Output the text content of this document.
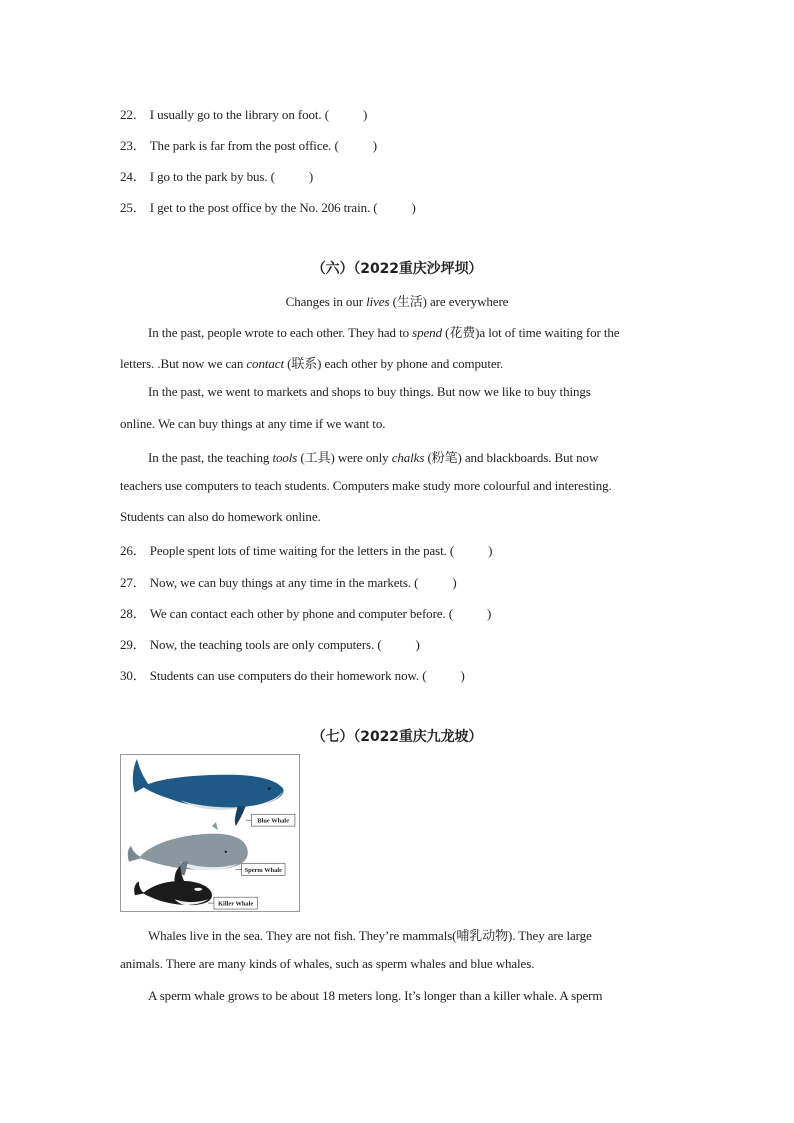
22． I usually go to the library on foot. (	)
23． The park is far from the post office. (	)
24． I go to the park by bus. (	)
25． I get to the post office by the No. 206 train. (	)
（六）（2022重庆沙坪坝）
Changes in our lives (生活) are everywhere
In the past, people wrote to each other. They had to spend (花费)a lot of time waiting for the
letters. .But now we can contact (联系) each other by phone and computer.
In the past, we went to markets and shops to buy things. But now we like to buy things
online. We can buy things at any time if we want to.
In the past, the teaching tools (工具) were only chalks (粉笔) and blackboards. But now
teachers use computers to teach students. Computers make study more colourful and interesting.
Students can also do homework online.
26． People spent lots of time waiting for the letters in the past. (	)
27． Now, we can buy things at any time in the markets. (	)
28． We can contact each other by phone and computer before. (	)
29． Now, the teaching tools are only computers. (	)
30． Students can use computers do their homework now. (	)
（七）（2022重庆九龙坡）
Blue Whale
Sperm Whale
Killer Whale
Whales live in the sea. They are not fish. They’re mammals(哺乳动物). They are large
animals. There are many kinds of whales, such as sperm whales and blue whales.
A sperm whale grows to be about 18 meters long. It’s longer than a killer whale. A sperm
